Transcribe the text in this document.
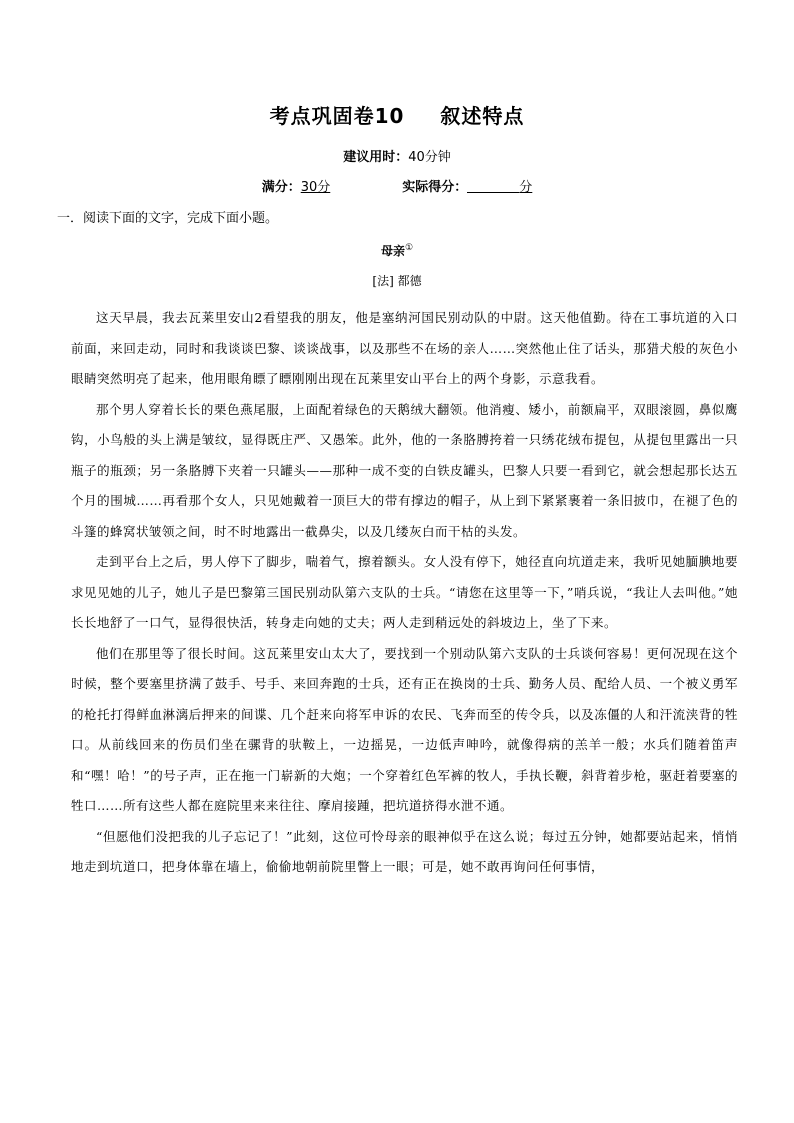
考点巩固卷10 叙述特点
建议用时：40分钟
满分：30分	实际得分：	分
一．阅读下面的文字，完成下面小题。
母亲①
[法] 都德

这天早晨，我去瓦莱里安山2看望我的朋友，他是塞纳河国民别动队的中尉。这天他值勤。待在工事坑道的入口前面，来回走动，同时和我谈谈巴黎、谈谈战事，以及那些不在场的亲人……突然他止住了话头，那猎犬般的灰色小眼睛突然明亮了起来，他用眼角瞟了瞟刚刚出现在瓦莱里安山平台上的两个身影，示意我看。

那个男人穿着长长的栗色燕尾服，上面配着绿色的天鹅绒大翻领。他消瘦、矮小，前额扁平，双眼滚圆，鼻似鹰钩，小鸟般的头上满是皱纹，显得既庄严、又愚笨。此外，他的一条胳膊挎着一只绣花绒布提包，从提包里露出一只瓶子的瓶颈；另一条胳膊下夹着一只罐头——那种一成不变的白铁皮罐头，巴黎人只要一看到它，就会想起那长达五个月的围城……再看那个女人，只见她戴着一顶巨大的带有撑边的帽子，从上到下紧紧裹着一条旧披巾，在褪了色的斗篷的蜂窝状皱领之间，时不时地露出一截鼻尖，以及几缕灰白而干枯的头发。

走到平台上之后，男人停下了脚步，喘着气，擦着额头。女人没有停下，她径直向坑道走来，我听见她腼腆地要求见见她的儿子，她儿子是巴黎第三国民别动队第六支队的士兵。“请您在这里等一下，”哨兵说，“我让人去叫他。”她长长地舒了一口气，显得很快活，转身走向她的丈夫；两人走到稍远处的斜坡边上，坐了下来。

他们在那里等了很长时间。这瓦莱里安山太大了，要找到一个别动队第六支队的士兵谈何容易！更何况现在这个时候，整个要塞里挤满了鼓手、号手、来回奔跑的士兵，还有正在换岗的士兵、勤务人员、配给人员、一个被义勇军的枪托打得鲜血淋漓后押来的间谍、几个赶来向将军申诉的农民、飞奔而至的传令兵，以及冻僵的人和汗流浃背的牲口。从前线回来的伤员们坐在骡背的驮鞍上，一边摇晃，一边低声呻吟，就像得病的羔羊一般；水兵们随着笛声和“嘿！哈！”的号子声，正在拖一门崭新的大炮；一个穿着红色军裤的牧人，手执长鞭，斜背着步枪，驱赶着要塞的牲口……所有这些人都在庭院里来来往往、摩肩接踵，把坑道挤得水泄不通。

“但愿他们没把我的儿子忘记了！”此刻，这位可怜母亲的眼神似乎在这么说；每过五分钟，她都要站起来，悄悄地走到坑道口，把身体靠在墙上，偷偷地朝前院里瞥上一眼；可是，她不敢再询问任何事情，
